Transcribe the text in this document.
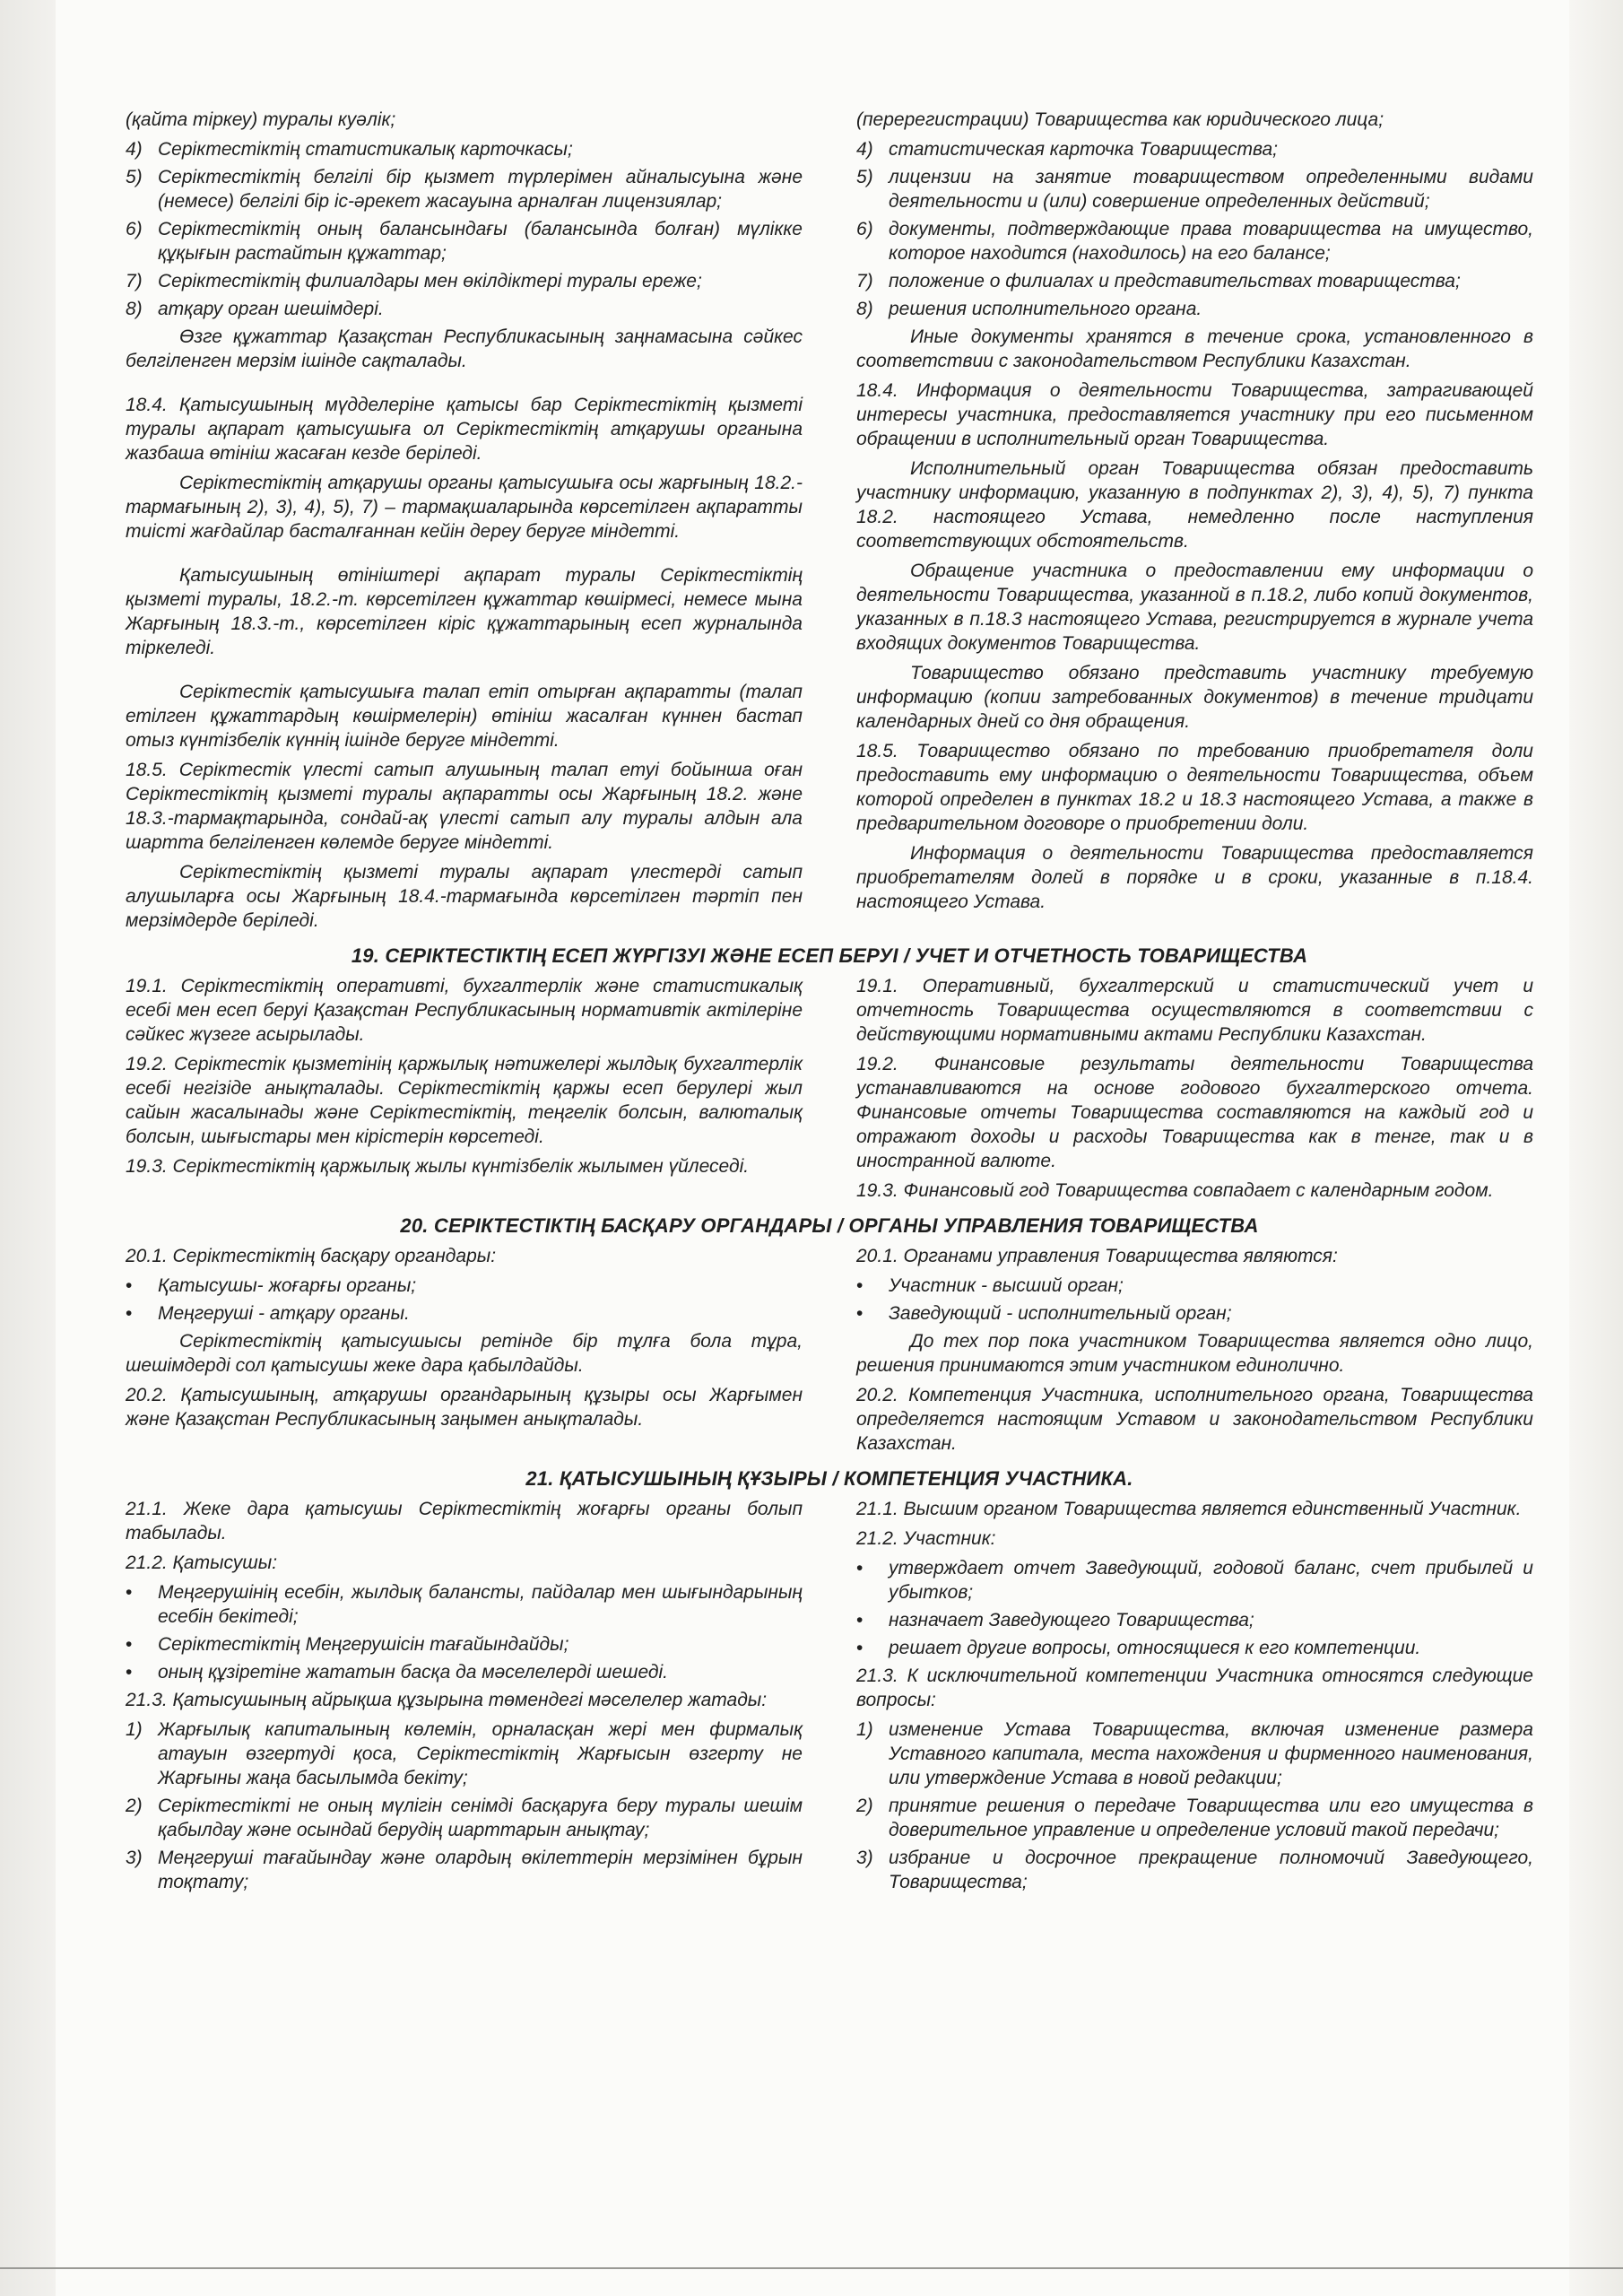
(қайта тіркеу) туралы куәлік;

4) Серіктестіктің статистикалық карточкасы;
5) Серіктестіктің белгілі бір қызмет түрлерімен айналысуына және (немесе) белгілі бір іс-әрекет жасауына арналған лицензиялар;
6) Серіктестіктің оның балансындағы (балансында болған) мүлікке құқығын растайтын құжаттар;
7) Серіктестіктің филиалдары мен өкілдіктері туралы ереже;
8) атқару орган шешімдері.

Өзге құжаттар Қазақстан Республикасының заңнамасына сәйкес белгіленген мерзім ішінде сақталады.

18.4. Қатысушының мүдделеріне қатысы бар Серіктестіктің қызметі туралы ақпарат қатысушыға ол Серіктестіктің атқарушы органына жазбаша өтініш жасаған кезде беріледі.

Серіктестіктің атқарушы органы қатысушыға осы жарғының 18.2.- тармағының 2), 3), 4), 5), 7) – тармақшаларында көрсетілген ақпаратты тиісті жағдайлар басталғаннан кейін дереу беруге міндетті.

Қатысушының өтініштері ақпарат туралы Серіктестіктің қызметі туралы, 18.2.-т. көрсетілген құжаттар көшірмесі, немесе мына Жарғының 18.3.-т., көрсетілген кіріс құжаттарының есеп журналында тіркеледі.

Серіктестік қатысушыға талап етіп отырған ақпаратты (талап етілген құжаттардың көшірмелерін) өтініш жасалған күннен бастап отыз күнтізбелік күннің ішінде беруге міндетті.

18.5. Серіктестік үлесті сатып алушының талап етуі бойынша оған Серіктестіктің қызметі туралы ақпаратты осы Жарғының 18.2. және 18.3.-тармақтарында, сондай-ақ үлесті сатып алу туралы алдын ала шартта белгіленген көлемде беруге міндетті.

Серіктестіктің қызметі туралы ақпарат үлестерді сатып алушыларға осы Жарғының 18.4.-тармағында көрсетілген тәртіп пен мерзімдерде беріледі.

(перерегистрации) Товарищества как юридического лица;

4) статистическая карточка Товарищества;
5) лицензии на занятие товариществом определенными видами деятельности и (или) совершение определенных действий;
6) документы, подтверждающие права товарищества на имущество, которое находится (находилось) на его балансе;
7) положение о филиалах и представительствах товарищества;
8) решения исполнительного органа.

Иные документы хранятся в течение срока, установленного в соответствии с законодательством Республики Казахстан.

18.4. Информация о деятельности Товарищества, затрагивающей интересы участника, предоставляется участнику при его письменном обращении в исполнительный орган Товарищества.

Исполнительный орган Товарищества обязан предоставить участнику информацию, указанную в подпунктах 2), 3), 4), 5), 7) пункта 18.2. настоящего Устава, немедленно после наступления соответствующих обстоятельств.

Обращение участника о предоставлении ему информации о деятельности Товарищества, указанной в п.18.2, либо копий документов, указанных в п.18.3 настоящего Устава, регистрируется в журнале учета входящих документов Товарищества.

Товарищество обязано представить участнику требуемую информацию (копии затребованных документов) в течение тридцати календарных дней со дня обращения.

18.5. Товарищество обязано по требованию приобретателя доли предоставить ему информацию о деятельности Товарищества, объем которой определен в пунктах 18.2 и 18.3 настоящего Устава, а также в предварительном договоре о приобретении доли.

Информация о деятельности Товарищества предоставляется приобретателям долей в порядке и в сроки, указанные в п.18.4. настоящего Устава.

19. СЕРІКТЕСТІКТІҢ ЕСЕП ЖҮРГІЗУІ ЖӘНЕ ЕСЕП БЕРУІ / УЧЕТ И ОТЧЕТНОСТЬ ТОВАРИЩЕСТВА

19.1. Серіктестіктің оперативті, бухгалтерлік және статистикалық есебі мен есеп беруі Қазақстан Республикасының нормативтік актілеріне сәйкес жүзеге асырылады.

19.2. Серіктестік қызметінің қаржылық нәтижелері жылдық бухгалтерлік есебі негізіде анықталады. Серіктестіктің қаржы есеп берулері жыл сайын жасалынады және Серіктестіктің, теңгелік болсын, валюталық болсын, шығыстары мен кірістерін көрсетеді.

19.3. Серіктестіктің қаржылық жылы күнтізбелік жылымен үйлеседі.

19.1. Оперативный, бухгалтерский и статистический учет и отчетность Товарищества осуществляются в соответствии с действующими нормативными актами Республики Казахстан.

19.2. Финансовые результаты деятельности Товарищества устанавливаются на основе годового бухгалтерского отчета. Финансовые отчеты Товарищества составляются на каждый год и отражают доходы и расходы Товарищества как в тенге, так и в иностранной валюте.

19.3. Финансовый год Товарищества совпадает с календарным годом.

20. СЕРІКТЕСТІКТІҢ БАСҚАРУ ОРГАНДАРЫ / ОРГАНЫ УПРАВЛЕНИЯ ТОВАРИЩЕСТВА

20.1. Серіктестіктің басқару органдары:

•	Қатысушы- жоғарғы органы;
•	Меңгеруші - атқару органы.

Серіктестіктің қатысушысы ретінде бір тұлға бола тұра, шешімдерді сол қатысушы жеке дара қабылдайды.

20.2. Қатысушының, атқарушы органдарының құзыры осы Жарғымен және Қазақстан Республикасының заңымен анықталады.

20.1. Органами управления Товарищества являются:

•	Участник - высший орган;
•	Заведующий - исполнительный орган;

До тех пор пока участником Товарищества является одно лицо, решения принимаются этим участником единолично.

20.2. Компетенция Участника, исполнительного органа, Товарищества определяется настоящим Уставом и законодательством Республики Казахстан.

21. ҚАТЫСУШЫНЫҢ ҚҰЗЫРЫ / КОМПЕТЕНЦИЯ УЧАСТНИКА.

21.1. Жеке дара қатысушы Серіктестіктің жоғарғы органы болып табылады.

21.2. Қатысушы:

•	Меңгерушінің есебін, жылдық балансты, пайдалар мен шығындарының есебін бекітеді;
•	Серіктестіктің Меңгерушісін тағайындайды;
•	оның құзіретіне жататын басқа да мәселелерді шешеді.

21.3. Қатысушының айрықша құзырына төмендегі мәселелер жатады:

1) Жарғылық капиталының көлемін, орналасқан жері мен фирмалық атауын өзгертуді қоса, Серіктестіктің Жарғысын өзгерту не Жарғыны жаңа басылымда бекіту;
2) Серіктестікті не оның мүлігін сенімді басқаруға беру туралы шешім қабылдау және осындай берудің шарттарын анықтау;
3) Меңгеруші тағайындау және олардың өкілеттерін мерзімінен бұрын тоқтату;

21.1. Высшим органом Товарищества является единственный Участник.

21.2. Участник:

•	утверждает отчет Заведующий, годовой баланс, счет прибылей и убытков;
•	назначает Заведующего Товарищества;
•	решает другие вопросы, относящиеся к его компетенции.

21.3. К исключительной компетенции Участника относятся следующие вопросы:

1) изменение Устава Товарищества, включая изменение размера Уставного капитала, места нахождения и фирменного наименования, или утверждение Устава в новой редакции;
2) принятие решения о передаче Товарищества или его имущества в доверительное управление и определение условий такой передачи;
3) избрание и досрочное прекращение полномочий Заведующего, Товарищества;
